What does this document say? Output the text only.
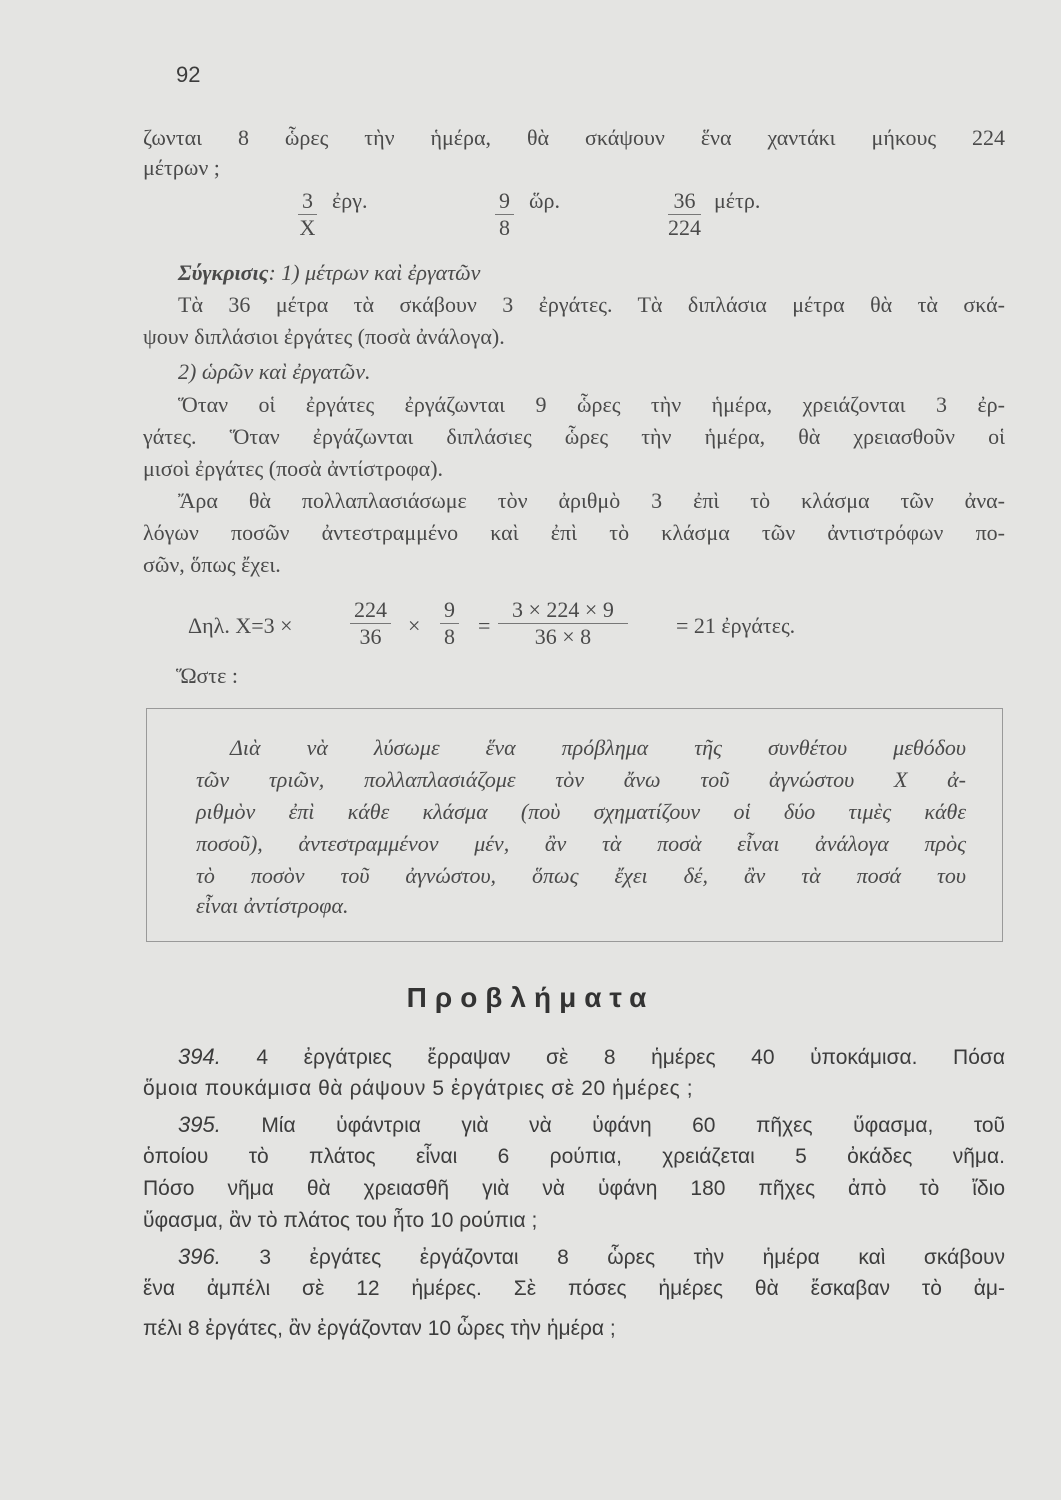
92
ζωνται 8 ὧρες τὴν ἡμέρα, θὰ σκάψουν ἕνα χαντάκι μήκους 224
μέτρων ;
$\frac{3}{X}$ ἐργ.	$\frac{9}{8}$ ὥρ.	$\frac{36}{224} \mu έ\tau\rho$.
Σύγκρισις: 1) μέτρων καὶ ἐργατῶν
Τὰ 36 μέτρα τὰ σκάβουν 3 ἐργάτες. Τὰ διπλάσια μέτρα θὰ τὰ σκά-
ψουν διπλάσιοι ἐργάτες (ποσὰ ἀνάλογα).
2) ὡρῶν καὶ ἐργατῶν.
Ὅταν οἱ ἐργάτες ἐργάζωνται 9 ὧρες τὴν ἡμέρα, χρειάζονται 3 ἐρ-
γάτες. Ὅταν ἐργάζωνται διπλάσιες ὧρες τὴν ἡμέρα, θὰ χρειασθοῦν οἱ
μισοὶ ἐργάτες (ποσὰ ἀντίστροφα).
Ἄρα θὰ πολλαπλασιάσωμε τὸν ἀριθμὸ 3 ἐπὶ τὸ κλάσμα τῶν ἀνα-
λόγων ποσῶν ἀντεστραμμένο καὶ ἐπὶ τὸ κλάσμα τῶν ἀντιστρόφων πο-
σῶν, ὅπως ἔχει.
Δηλ. Χ=3 ×	$\frac{224}{36} \times \frac{9}{8} = \frac{3 \times 224 \times 9}{36 \times 8} = 21$ ἐργάτες.
Ὥστε :
Διὰ νὰ λύσωμε ἕνα πρόβλημα τῆς συνθέτου μεθόδου
τῶν τριῶν, πολλαπλασιάζομε τὸν ἄνω τοῦ ἀγνώστου Χ ἀ-
ριθμὸν ἐπὶ κάθε κλάσμα (ποὺ σχηματίζουν οἱ δύο τιμὲς κάθε
ποσοῦ), ἀντεστραμμένον μέν, ἂν τὰ ποσὰ εἶναι ἀνάλογα πρὸς
τὸ ποσὸν τοῦ ἀγνώστου, ὅπως ἔχει δέ, ἂν τὰ ποσά του
εἶναι ἀντίστροφα.
Προβλήματα
394. 4 ἐργάτριες ἔρραψαν σὲ 8 ἡμέρες 40 ὑποκάμισα. Πόσα
ὅμοια πουκάμισα θὰ ράψουν 5 ἐργάτριες σὲ 20 ἡμέρες ;
395. Μία ὑφάντρια γιὰ νὰ ὑφάνη 60 πῆχες ὕφασμα, τοῦ
ὁποίου τὸ πλάτος εἶναι 6 ρούπια, χρειάζεται 5 ὀκάδες νῆμα.
Πόσο νῆμα θὰ χρειασθῆ γιὰ νὰ ὑφάνη 180 πῆχες ἀπὸ τὸ ἴδιο
ὕφασμα, ἂν τὸ πλάτος του ἦτο 10 ρούπια ;
396. 3 ἐργάτες ἐργάζονται 8 ὧρες τὴν ἡμέρα καὶ σκάβουν
ἕνα ἀμπέλι σὲ 12 ἡμέρες. Σὲ πόσες ἡμέρες θὰ ἔσκαβαν τὸ ἀμ-
πέλι 8 ἐργάτες, ἂν ἐργάζονταν 10 ὧρες τὴν ἡμέρα ;
